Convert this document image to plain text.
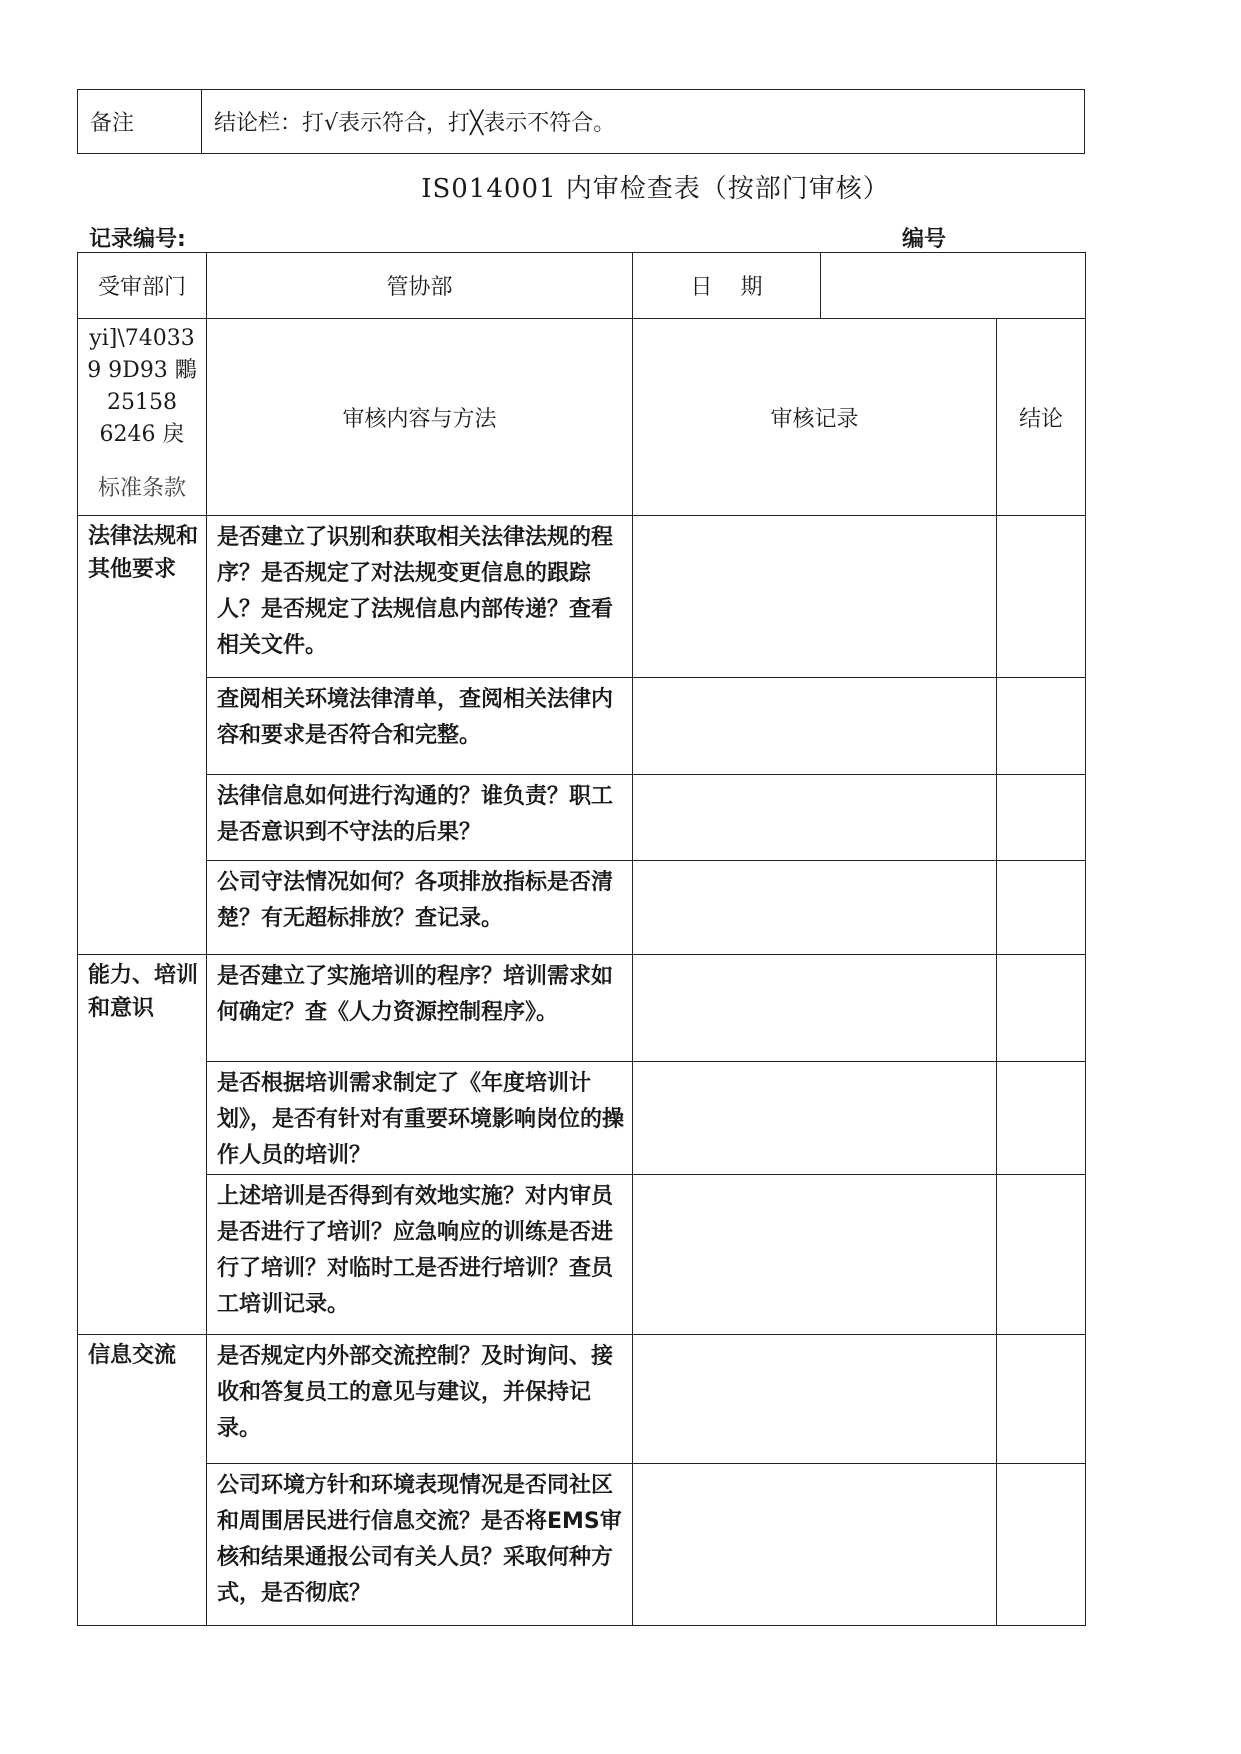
备注	结论栏：打√表示符合，打╳表示不符合。
IS014001 内审检查表（按部门审核）
记录编号:	编号
受审部门	管协部	日    期		

yi]\74033
9 9D93 鷴
25158
6246 戾
标准条款	审核内容与方法	审核记录		结论
法律法规和其他要求	是否建立了识别和获取相关法律法规的程序？是否规定了对法规变更信息的跟踪人？是否规定了法规信息内部传递？查看相关文件。			
	查阅相关环境法律清单，查阅相关法律内容和要求是否符合和完整。			
	法律信息如何进行沟通的？谁负责？职工是否意识到不守法的后果？			
	公司守法情况如何？各项排放指标是否清楚？有无超标排放？查记录。			
能力、培训和意识	是否建立了实施培训的程序？培训需求如何确定？查《人力资源控制程序》。			
	是否根据培训需求制定了《年度培训计划》，是否有针对有重要环境影响岗位的操作人员的培训？			
	上述培训是否得到有效地实施？对内审员是否进行了培训？应急响应的训练是否进行了培训？对临时工是否进行培训？查员工培训记录。			
信息交流	是否规定内外部交流控制？及时询问、接收和答复员工的意见与建议，并保持记录。			
	公司环境方针和环境表现情况是否同社区和周围居民进行信息交流？是否将EMS审核和结果通报公司有关人员？采取何种方式，是否彻底？			
